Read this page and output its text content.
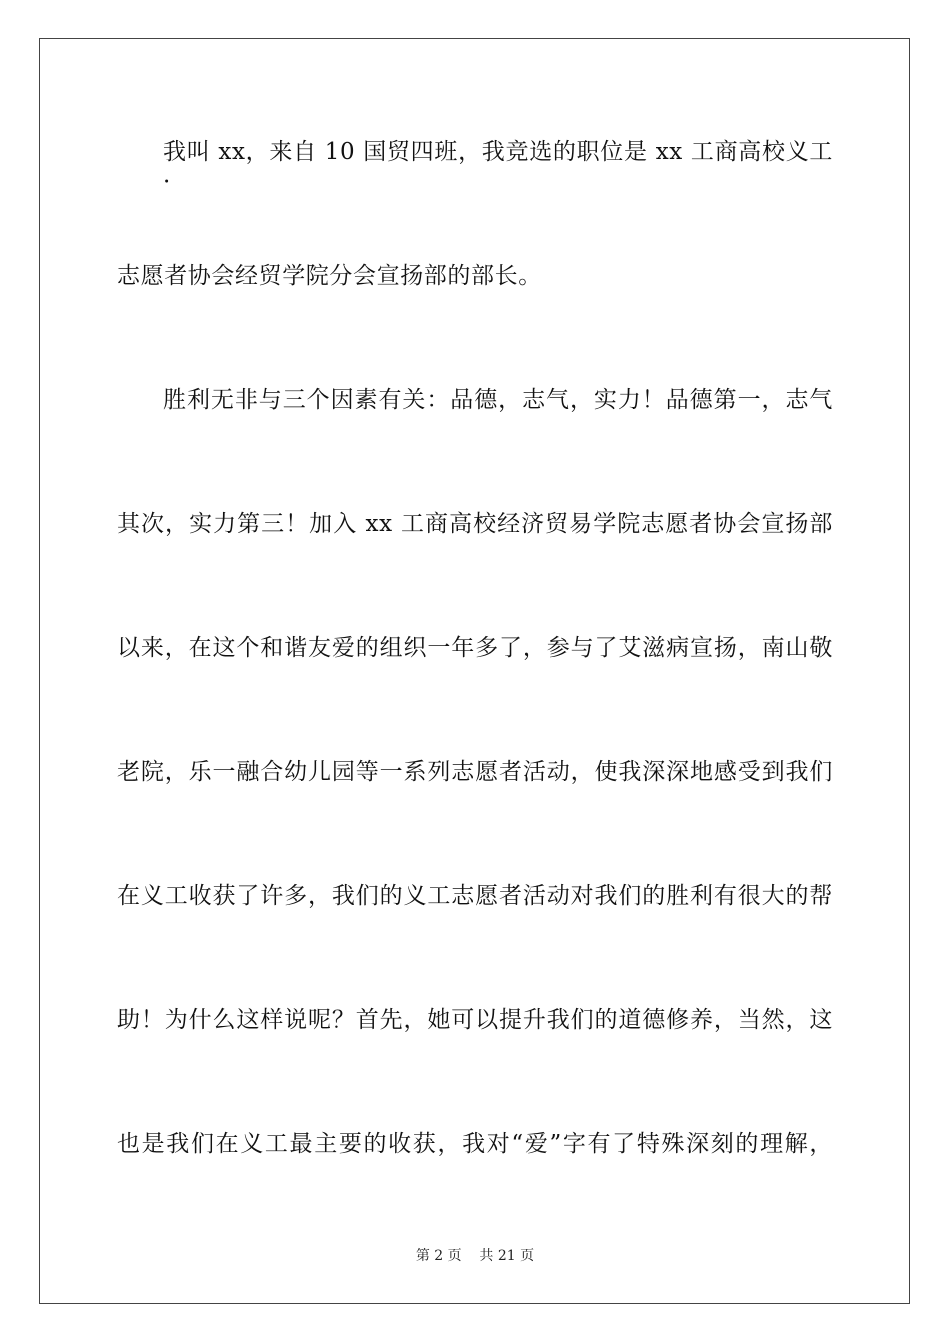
我叫 xx，来自 10 国贸四班，我竞选的职位是 xx 工商高校义工·
志愿者协会经贸学院分会宣扬部的部长。
胜利无非与三个因素有关：品德，志气，实力！品德第一，志气
其次，实力第三！加入 xx 工商高校经济贸易学院志愿者协会宣扬部
以来，在这个和谐友爱的组织一年多了，参与了艾滋病宣扬，南山敬
老院，乐一融合幼儿园等一系列志愿者活动，使我深深地感受到我们
在义工收获了许多，我们的义工志愿者活动对我们的胜利有很大的帮
助！为什么这样说呢？首先，她可以提升我们的道德修养，当然，这
也是我们在义工最主要的收获，我对“爱”字有了特殊深刻的理解，
第 2 页    共 21 页
